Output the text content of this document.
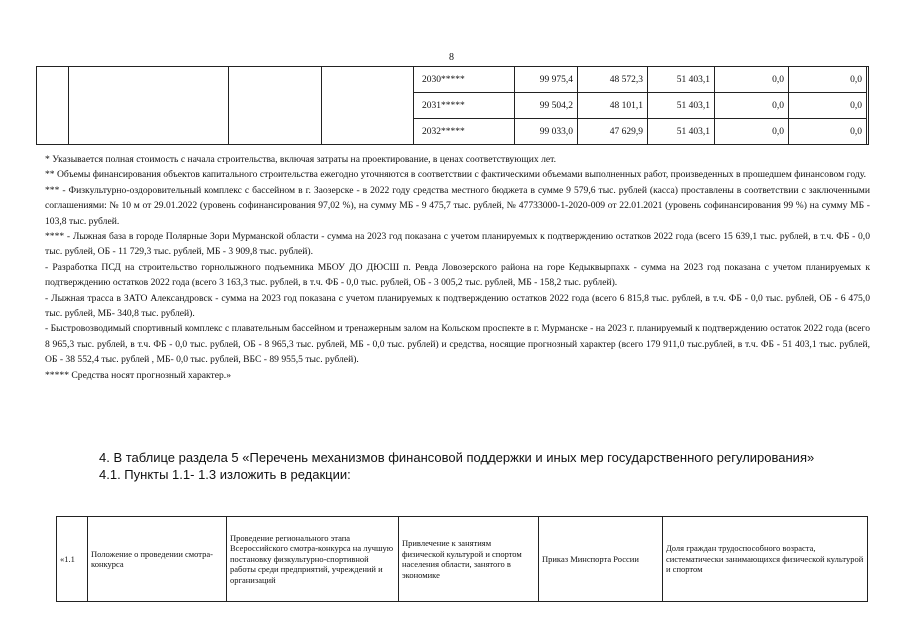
8
				2030*****	99 975,4	48 572,3	51 403,1	0,0	0,0	
				2031*****	99 504,2	48 101,1	51 403,1	0,0	0,0	
				2032*****	99 033,0	47 629,9	51 403,1	0,0	0,0	

* Указывается полная стоимость с начала строительства, включая затраты на проектирование, в ценах соответствующих лет.

** Объемы финансирования объектов капитального строительства ежегодно уточняются в соответствии с фактическими объемами выполненных работ, произведенных в прошедшем финансовом году.

*** - Физкультурно-оздоровительный комплекс с бассейном в г. Заозерске - в 2022 году средства местного бюджета в сумме 9 579,6 тыс. рублей (касса) проставлены в соответствии с заключенными соглашениями: № 10 м от 29.01.2022 (уровень софинансирования 97,02 %), на сумму МБ - 9 475,7 тыс. рублей, № 47733000-1-2020-009 от 22.01.2021 (уровень софинансирования 99 %) на сумму МБ - 103,8 тыс. рублей.

**** - Лыжная база в городе Полярные Зори Мурманской области - сумма на 2023 год показана с учетом планируемых к подтверждению остатков 2022 года (всего 15 639,1 тыс. рублей, в т.ч. ФБ - 0,0 тыс. рублей, ОБ - 11 729,3 тыс. рублей, МБ - 3 909,8 тыс. рублей).

- Разработка ПСД на строительство горнолыжного подъемника МБОУ ДО ДЮСШ п. Ревда Ловозерского района на горе Кедыквырпахк - сумма на 2023 год показана с учетом планируемых к подтверждению остатков 2022 года (всего 3 163,3 тыс. рублей, в т.ч. ФБ - 0,0 тыс. рублей, ОБ - 3 005,2 тыс. рублей, МБ - 158,2 тыс. рублей).

- Лыжная трасса в ЗАТО Александровск - сумма на 2023 год показана с учетом планируемых к подтверждению остатков 2022 года (всего 6 815,8 тыс. рублей, в т.ч. ФБ - 0,0 тыс. рублей, ОБ - 6 475,0 тыс. рублей, МБ- 340,8 тыс. рублей).

- Быстровозводимый спортивный комплекс с плавательным бассейном и тренажерным залом на Кольском проспекте в г. Мурманске - на 2023 г. планируемый к подтверждению остаток 2022 года (всего 8 965,3 тыс. рублей, в т.ч. ФБ - 0,0 тыс. рублей, ОБ - 8 965,3 тыс. рублей, МБ - 0,0 тыс. рублей) и средства, носящие прогнозный характер (всего 179 911,0 тыс.рублей, в т.ч. ФБ - 51 403,1 тыс. рублей, ОБ - 38 552,4 тыс. рублей , МБ- 0,0 тыс. рублей, ВБС - 89 955,5 тыс. рублей).

***** Средства носят прогнозный характер.»

4. В таблице раздела 5 «Перечень механизмов финансовой поддержки и иных мер государственного регулирования»

4.1. Пункты 1.1- 1.3 изложить в редакции:

«1.1	Положение о проведении смотра-конкурса	Проведение регионального этапа Всероссийского смотра-конкурса на лучшую постановку физкультурно-спортивной работы среди предприятий, учреждений и организаций	Привлечение к занятиям физической культурой и спортом населения области, занятого в экономике	Приказ Минспорта России	Доля граждан трудоспособного возраста, систематически занимающихся физической культурой и спортом
